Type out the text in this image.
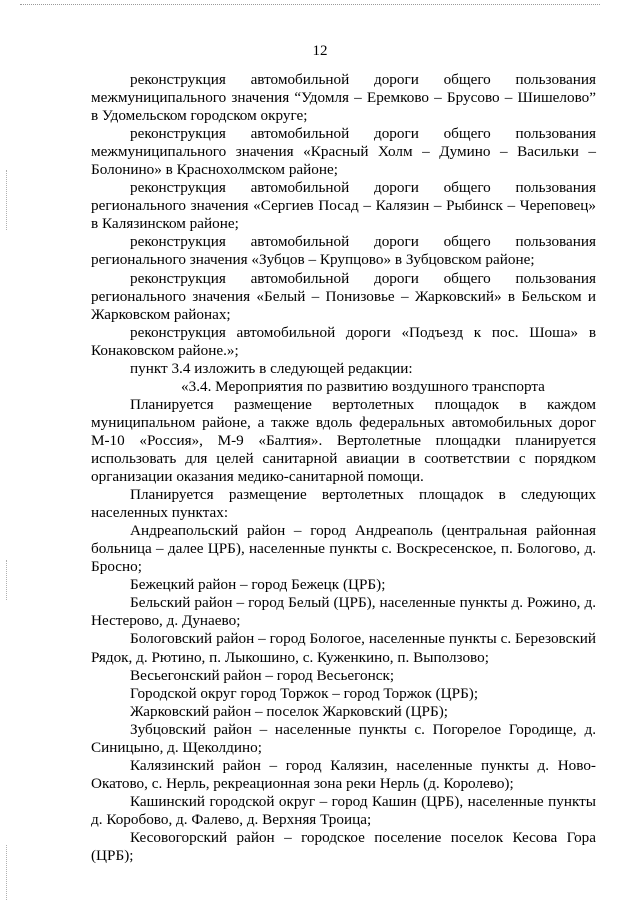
12

реконструкция автомобильной дороги общего пользования межмуниципального значения “Удомля – Еремково – Брусово – Шишелово” в Удомельском городском округе;

реконструкция автомобильной дороги общего пользования межмуниципального значения «Красный Холм – Думино – Васильки – Болонино» в Краснохолмском районе;

реконструкция автомобильной дороги общего пользования регионального значения «Сергиев Посад – Калязин – Рыбинск – Череповец» в Калязинском районе;

реконструкция автомобильной дороги общего пользования регионального значения «Зубцов – Крупцово» в Зубцовском районе;

реконструкция автомобильной дороги общего пользования регионального значения «Белый – Понизовье – Жарковский» в Бельском и Жарковском районах;

реконструкция автомобильной дороги «Подъезд к пос. Шоша» в Конаковском районе.»;

пункт 3.4 изложить в следующей редакции:

«3.4. Мероприятия по развитию воздушного транспорта

Планируется размещение вертолетных площадок в каждом муниципальном районе, а также вдоль федеральных автомобильных дорог М-10 «Россия», М-9 «Балтия». Вертолетные площадки планируется использовать для целей санитарной авиации в соответствии с порядком организации оказания медико-санитарной помощи.

Планируется размещение вертолетных площадок в следующих населенных пунктах:

Андреапольский район – город Андреаполь (центральная районная больница – далее ЦРБ), населенные пункты с. Воскресенское, п. Бологово, д. Бросно;

Бежецкий район – город Бежецк (ЦРБ);

Бельский район – город Белый (ЦРБ), населенные пункты д. Рожино, д. Нестерово, д. Дунаево;

Бологовский район – город Бологое, населенные пункты с. Березовский Рядок, д. Рютино, п. Лыкошино, с. Куженкино, п. Выползово;

Весьегонский район – город Весьегонск;

Городской округ город Торжок – город Торжок (ЦРБ);

Жарковский район – поселок Жарковский (ЦРБ);

Зубцовский район – населенные пункты с. Погорелое Городище, д. Синицыно, д. Щеколдино;

Калязинский район – город Калязин, населенные пункты д. Ново-Окатово, с. Нерль, рекреационная зона реки Нерль (д. Королево);

Кашинский городской округ – город Кашин (ЦРБ), населенные пункты д. Коробово, д. Фалево, д. Верхняя Троица;

Кесовогорский район – городское поселение поселок Кесова Гора (ЦРБ);
